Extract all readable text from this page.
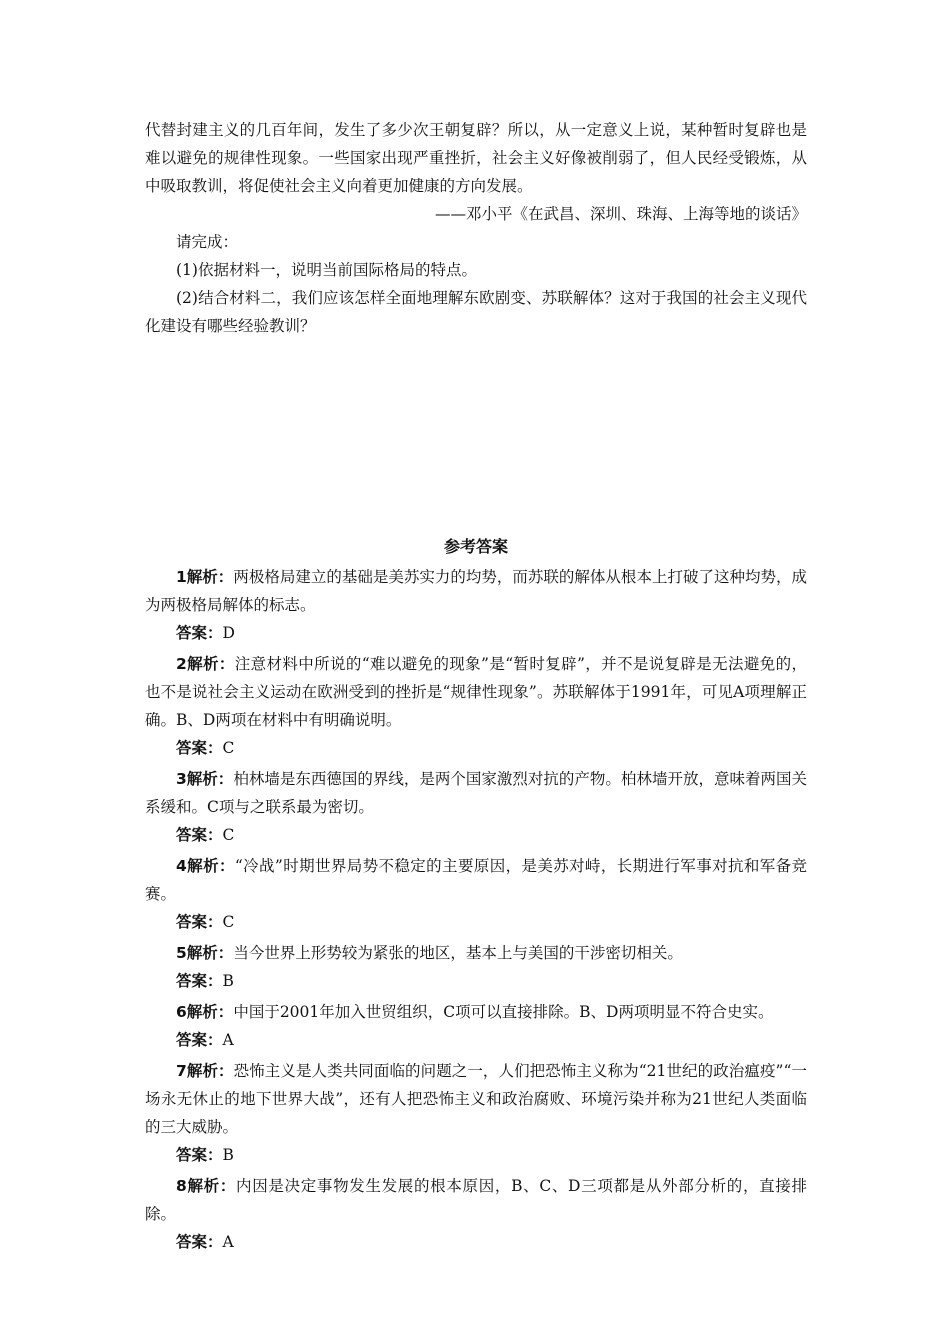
代替封建主义的几百年间，发生了多少次王朝复辟？所以，从一定意义上说，某种暂时复辟也是难以避免的规律性现象。一些国家出现严重挫折，社会主义好像被削弱了，但人民经受锻炼，从中吸取教训，将促使社会主义向着更加健康的方向发展。

——邓小平《在武昌、深圳、珠海、上海等地的谈话》

请完成：

(1)依据材料一，说明当前国际格局的特点。

(2)结合材料二，我们应该怎样全面地理解东欧剧变、苏联解体？这对于我国的社会主义现代化建设有哪些经验教训？

参考答案

1解析：两极格局建立的基础是美苏实力的均势，而苏联的解体从根本上打破了这种均势，成为两极格局解体的标志。

答案：D

2解析：注意材料中所说的“难以避免的现象”是“暂时复辟”，并不是说复辟是无法避免的，也不是说社会主义运动在欧洲受到的挫折是“规律性现象”。苏联解体于1991年，可见A项理解正确。B、D两项在材料中有明确说明。

答案：C

3解析：柏林墙是东西德国的界线，是两个国家激烈对抗的产物。柏林墙开放，意味着两国关系缓和。C项与之联系最为密切。

答案：C

4解析：“冷战”时期世界局势不稳定的主要原因，是美苏对峙，长期进行军事对抗和军备竞赛。

答案：C

5解析：当今世界上形势较为紧张的地区，基本上与美国的干涉密切相关。

答案：B

6解析：中国于2001年加入世贸组织，C项可以直接排除。B、D两项明显不符合史实。

答案：A

7解析：恐怖主义是人类共同面临的问题之一，人们把恐怖主义称为“21世纪的政治瘟疫”“一场永无休止的地下世界大战”，还有人把恐怖主义和政治腐败、环境污染并称为21世纪人类面临的三大威胁。

答案：B

8解析：内因是决定事物发生发展的根本原因，B、C、D三项都是从外部分析的，直接排除。

答案：A
